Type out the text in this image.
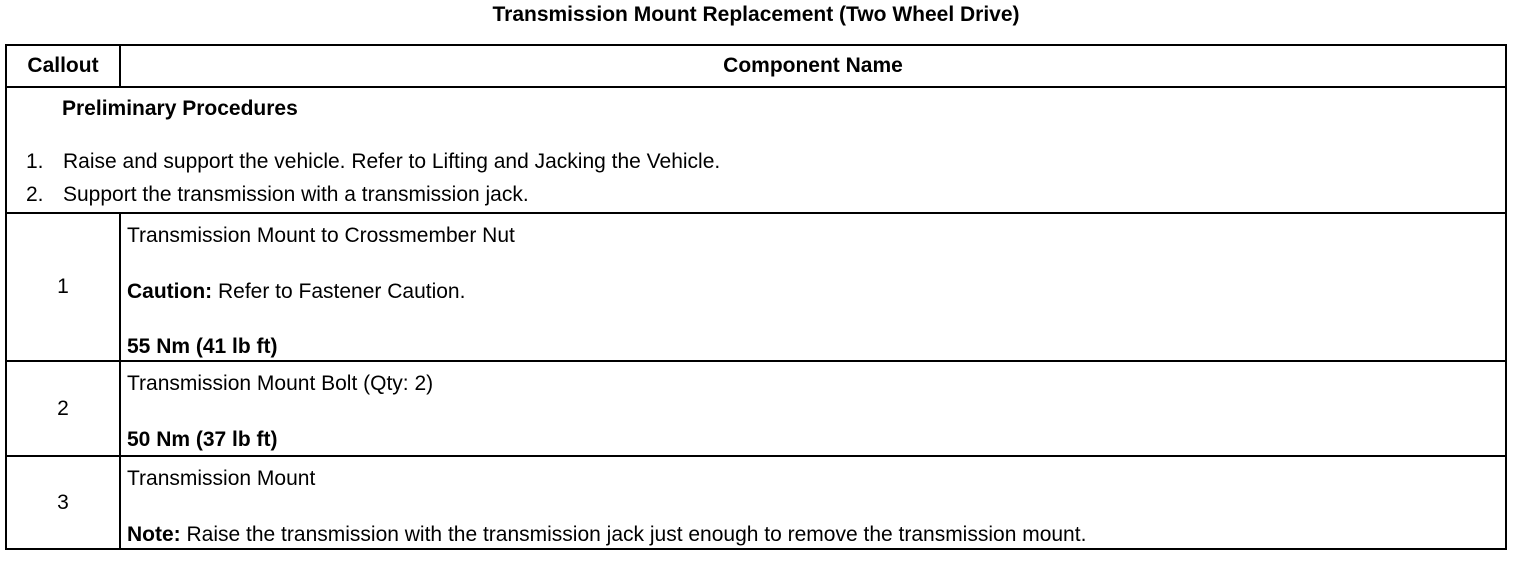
Transmission Mount Replacement (Two Wheel Drive)
Callout	Component Name

Preliminary Procedures
1. Raise and support the vehicle. Refer to Lifting and Jacking the Vehicle.
2. Support the transmission with a transmission jack.	

1	Transmission Mount to Crossmember Nut
Caution: Refer to Fastener Caution.
55 Nm (41 lb ft)

2	Transmission Mount Bolt (Qty: 2)
50 Nm (37 lb ft)

3	Transmission Mount
Note: Raise the transmission with the transmission jack just enough to remove the transmission mount.
